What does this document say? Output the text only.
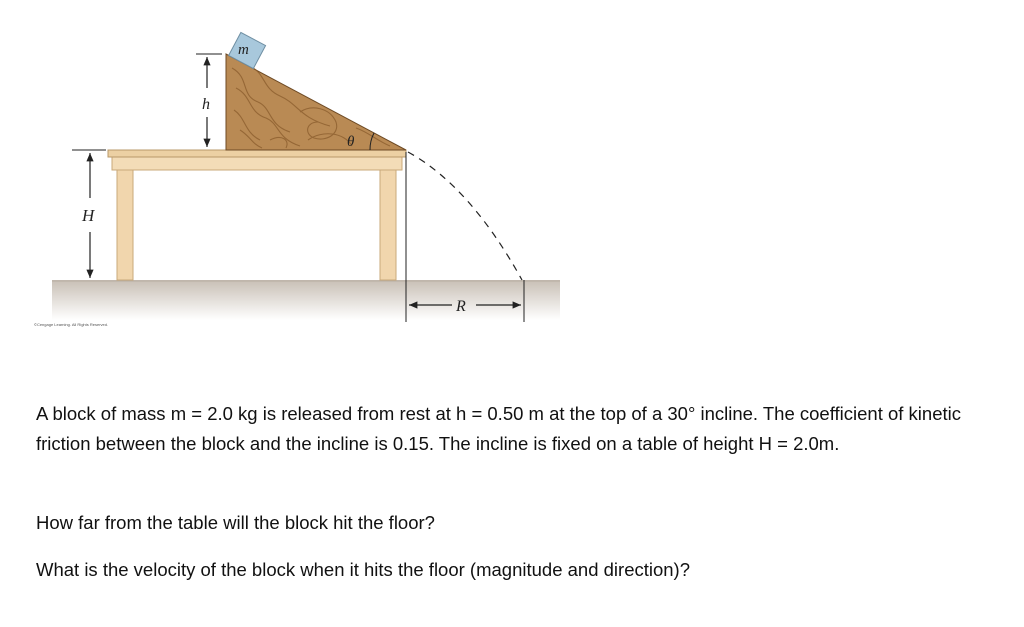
m
h
θ
H
R
©Cengage Learning. All Rights Reserved.
A block of mass m = 2.0 kg is released from rest at h = 0.50 m at the top of a 30° incline. The coefficient of kinetic friction between the block and the incline is 0.15. The incline is fixed on a table of height H = 2.0m.
How far from the table will the block hit the floor?
What is the velocity of the block when it hits the floor (magnitude and direction)?
